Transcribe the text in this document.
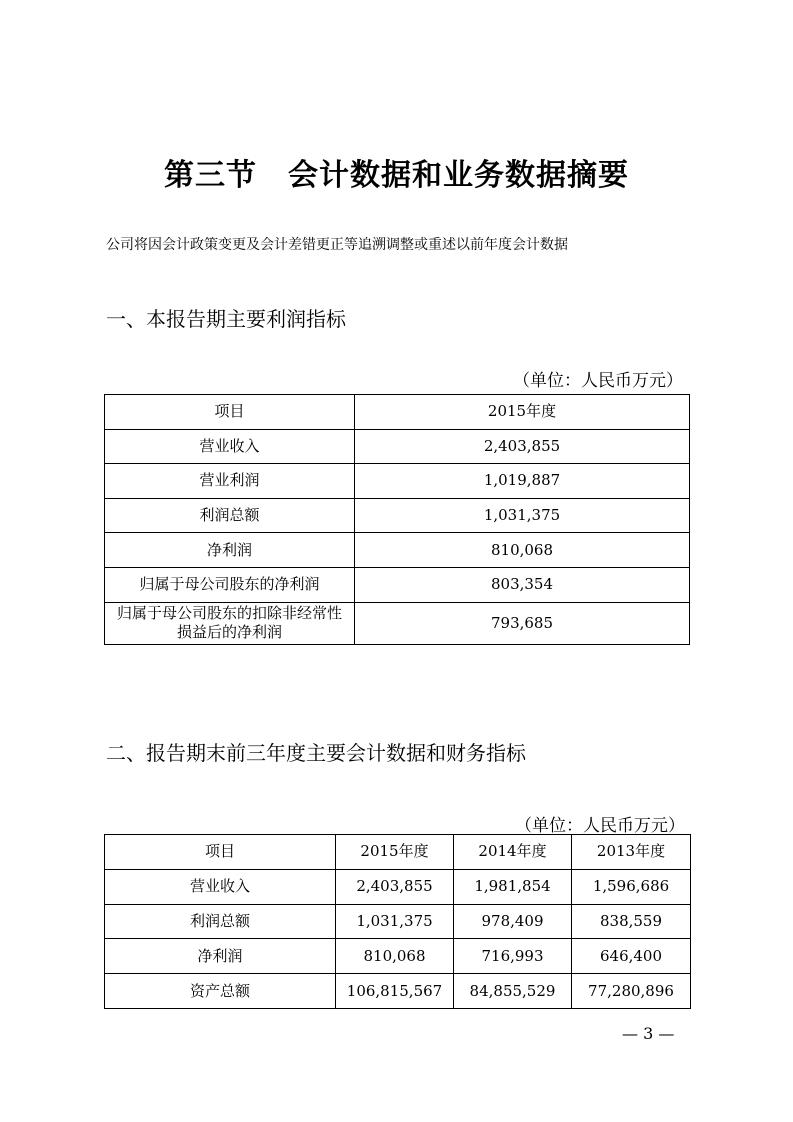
第三节　会计数据和业务数据摘要
公司将因会计政策变更及会计差错更正等追溯调整或重述以前年度会计数据
一、本报告期主要利润指标
（单位：人民币万元）
项目	2015年度
营业收入	2,403,855
营业利润	1,019,887
利润总额	1,031,375
净利润	810,068
归属于母公司股东的净利润	803,354
归属于母公司股东的扣除非经常性损益后的净利润	793,685
二、报告期末前三年度主要会计数据和财务指标
（单位：人民币万元）
项目	2015年度	2014年度	2013年度
营业收入	2,403,855	1,981,854	1,596,686
利润总额	1,031,375	978,409	838,559
净利润	810,068	716,993	646,400
资产总额	106,815,567	84,855,529	77,280,896
— 3 —
